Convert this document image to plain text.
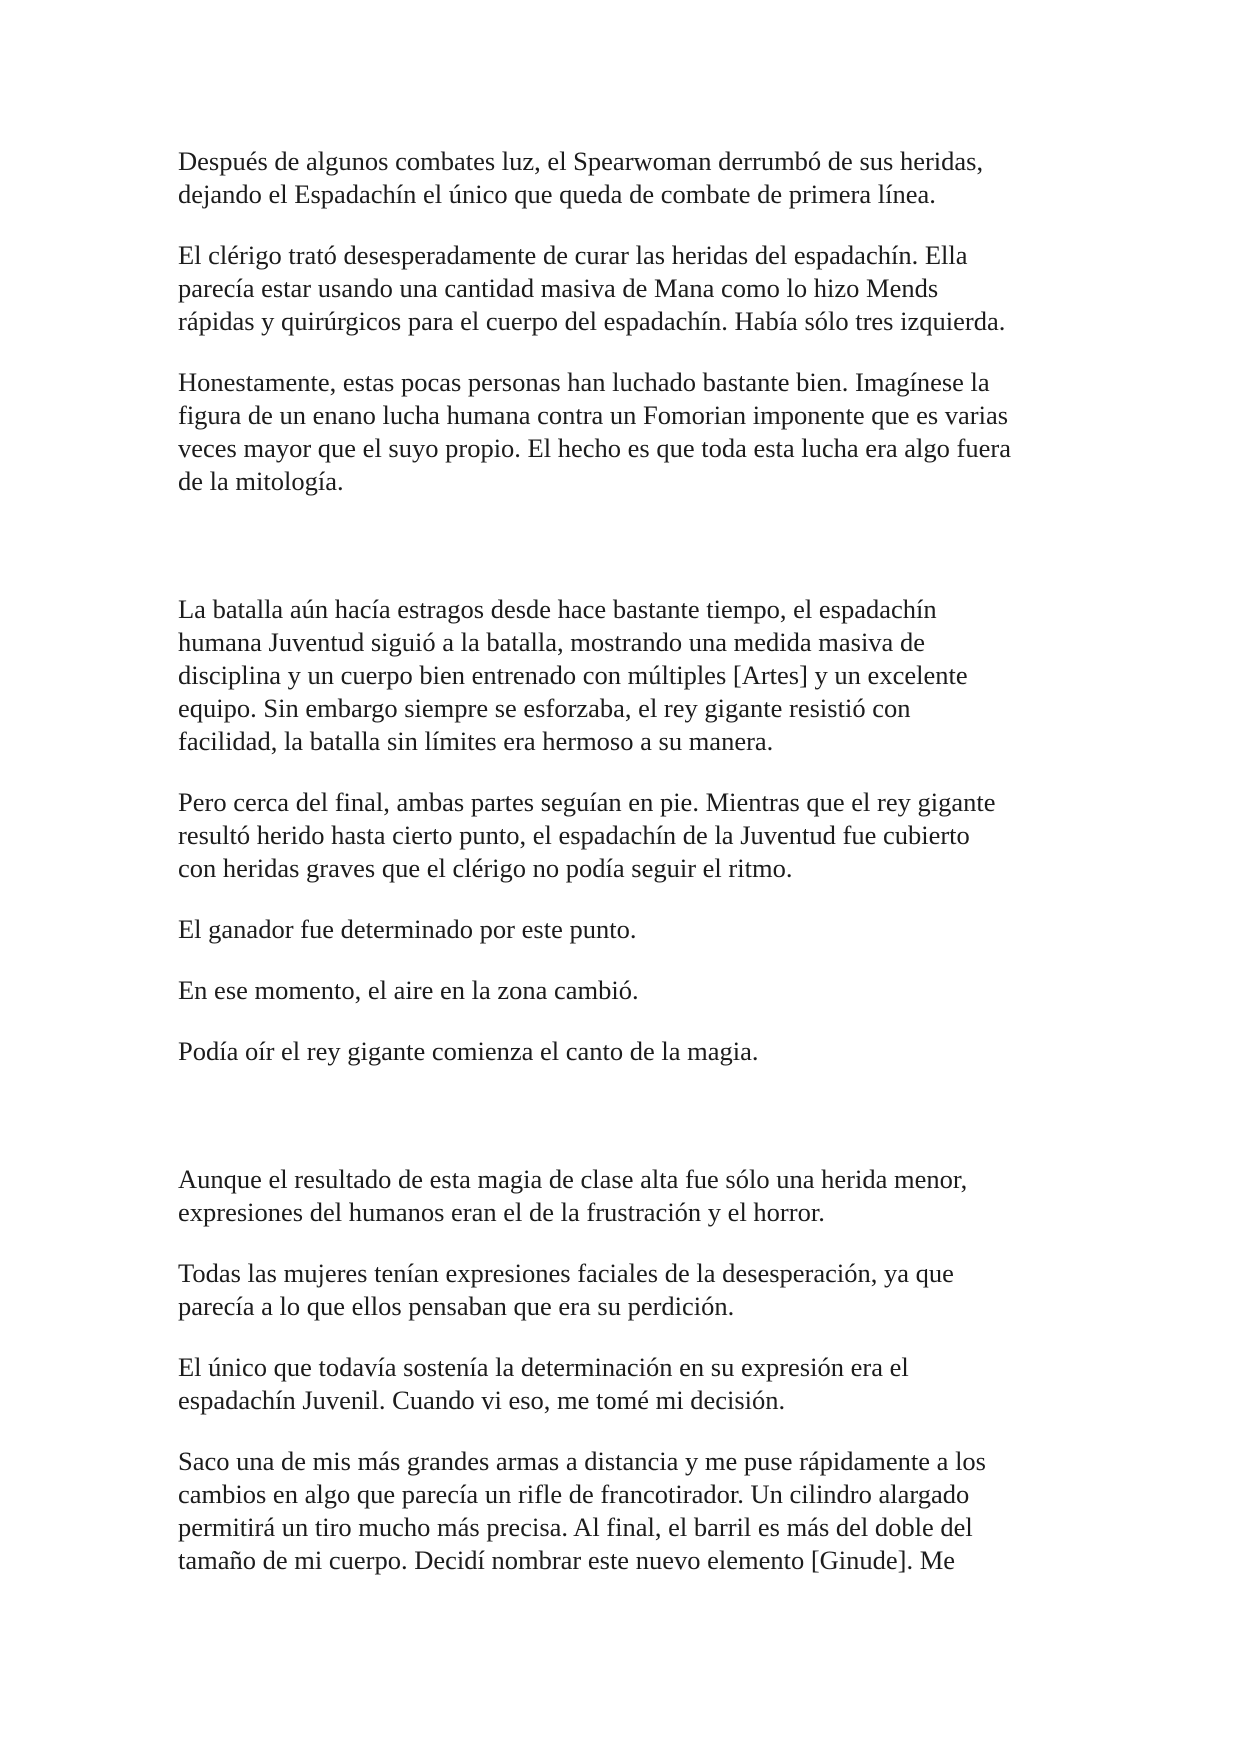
Después de algunos combates luz, el Spearwoman derrumbó de sus heridas,
dejando el Espadachín el único que queda de combate de primera línea.

El clérigo trató desesperadamente de curar las heridas del espadachín. Ella
parecía estar usando una cantidad masiva de Mana como lo hizo Mends
rápidas y quirúrgicos para el cuerpo del espadachín. Había sólo tres izquierda.

Honestamente, estas pocas personas han luchado bastante bien. Imagínese la
figura de un enano lucha humana contra un Fomorian imponente que es varias
veces mayor que el suyo propio. El hecho es que toda esta lucha era algo fuera
de la mitología.

La batalla aún hacía estragos desde hace bastante tiempo, el espadachín
humana Juventud siguió a la batalla, mostrando una medida masiva de
disciplina y un cuerpo bien entrenado con múltiples [Artes] y un excelente
equipo. Sin embargo siempre se esforzaba, el rey gigante resistió con
facilidad, la batalla sin límites era hermoso a su manera.

Pero cerca del final, ambas partes seguían en pie. Mientras que el rey gigante
resultó herido hasta cierto punto, el espadachín de la Juventud fue cubierto
con heridas graves que el clérigo no podía seguir el ritmo.

El ganador fue determinado por este punto.

En ese momento, el aire en la zona cambió.

Podía oír el rey gigante comienza el canto de la magia.

Aunque el resultado de esta magia de clase alta fue sólo una herida menor,
expresiones del humanos eran el de la frustración y el horror.

Todas las mujeres tenían expresiones faciales de la desesperación, ya que
parecía a lo que ellos pensaban que era su perdición.

El único que todavía sostenía la determinación en su expresión era el
espadachín Juvenil. Cuando vi eso, me tomé mi decisión.

Saco una de mis más grandes armas a distancia y me puse rápidamente a los
cambios en algo que parecía un rifle de francotirador. Un cilindro alargado
permitirá un tiro mucho más precisa. Al final, el barril es más del doble del
tamaño de mi cuerpo. Decidí nombrar este nuevo elemento [Ginude]. Me
